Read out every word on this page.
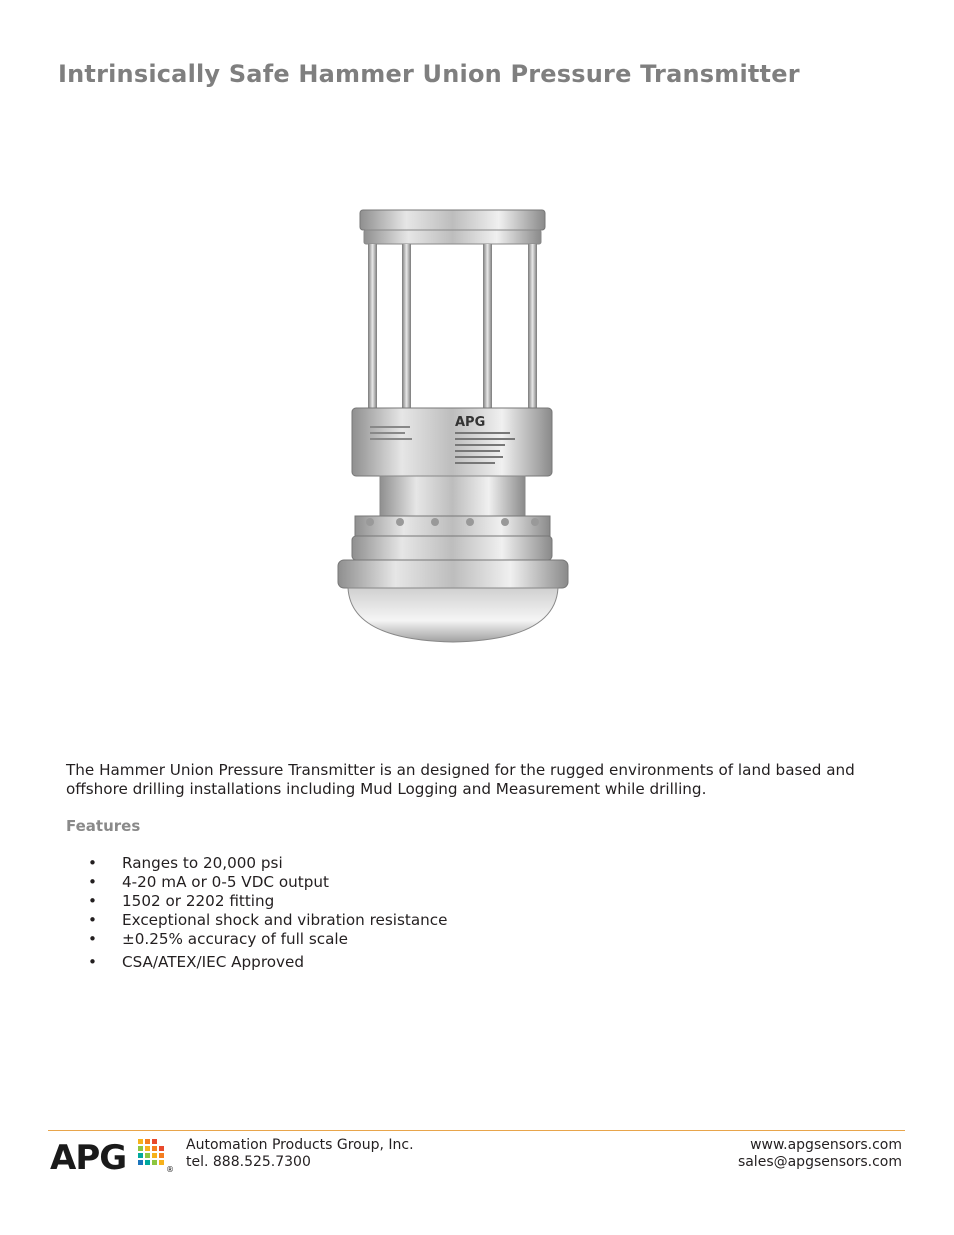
Intrinsically Safe Hammer Union Pressure Transmitter
APG

The Hammer Union Pressure Transmitter is an designed for the rugged environments of land based and offshore drilling installations including Mud Logging and Measurement while drilling.

Features
• Ranges to 20,000 psi
• 4-20 mA or 0-5 VDC output
• 1502 or 2202 fitting
• Exceptional shock and vibration resistance
• ±0.25% accuracy of full scale
• CSA/ATEX/IEC Approved
APG	®
Automation Products Group, Inc.
tel. 888.525.7300
www.apgsensors.com
sales@apgsensors.com
